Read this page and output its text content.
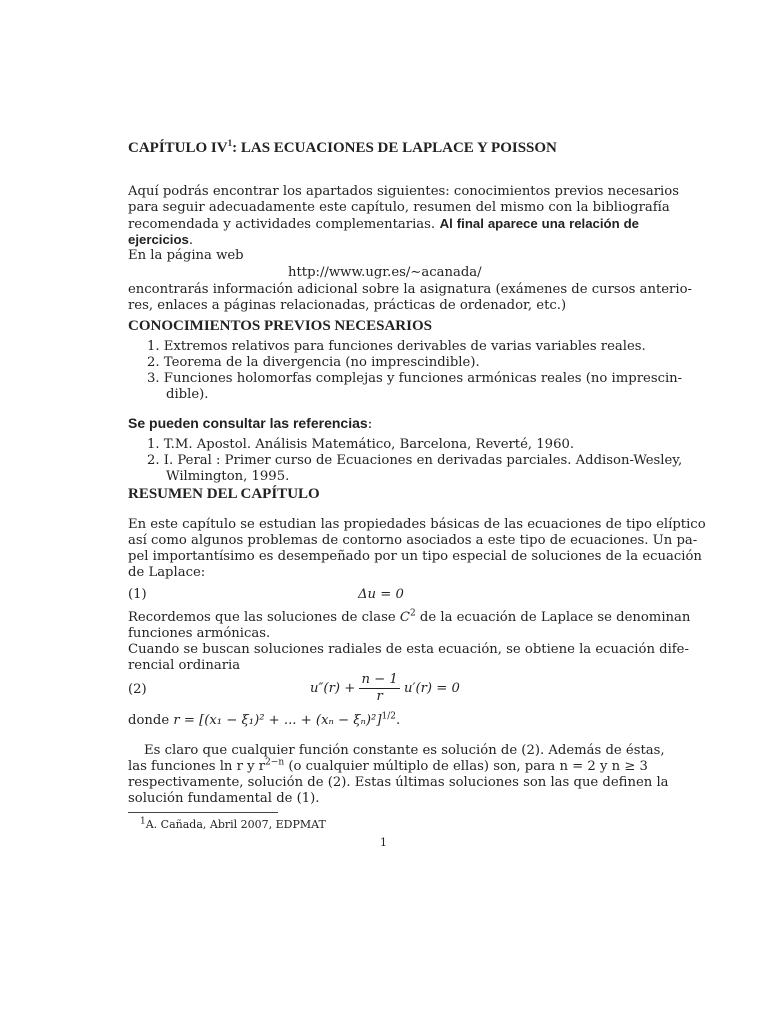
CAPÍTULO $IV^1$: LAS ECUACIONES DE LAPLACE Y POISSON
Aquí podrás encontrar los apartados siguientes: conocimientos previos necesarios
para seguir adecuadamente este capítulo, resumen del mismo con la bibliografía
recomendada y actividades complementarias. Al final aparece una relación de
ejercicios.
En la página web
http://www.ugr.es/∼acanada/
encontrarás información adicional sobre la asignatura (exámenes de cursos anterio-
res, enlaces a páginas relacionadas, prácticas de ordenador, etc.)
CONOCIMIENTOS PREVIOS NECESARIOS
1. Extremos relativos para funciones derivables de varias variables reales.
2. Teorema de la divergencia (no imprescindible).
3. Funciones holomorfas complejas y funciones armónicas reales (no imprescin-
dible).
Se pueden consultar las referencias:
1. T.M. Apostol. Análisis Matemático, Barcelona, Reverté, 1960.
2. I. Peral : Primer curso de Ecuaciones en derivadas parciales. Addison-Wesley,
Wilmington, 1995.
RESUMEN DEL CAPÍTULO
En este capítulo se estudian las propiedades básicas de las ecuaciones de tipo elíptico
así como algunos problemas de contorno asociados a este tipo de ecuaciones. Un pa-
pel importantísimo es desempeñado por un tipo especial de soluciones de la ecuación
de Laplace:
(1)	Δu = 0
Recordemos que las soluciones de clase $C^2$ de la ecuación de Laplace se denominan
funciones armónicas.
Cuando se buscan soluciones radiales de esta ecuación, se obtiene la ecuación dife-
rencial ordinaria
(2)	$u''(r) + \frac{n - 1}{r} u'(r) = 0$
donde r = [(x₁ − ξ₁)² + ... + (xₙ − ξₙ)²]$^{1/2}$.
Es claro que cualquier función constante es solución de (2). Además de éstas,
las funciones ln r y $r^{2-n}$ (o cualquier múltiplo de ellas) son, para n = 2 y n ≥ 3
respectivamente, solución de (2). Estas últimas soluciones son las que definen la
solución fundamental de (1).
$^1$A. Cañada, Abril 2007, EDPMAT
1
